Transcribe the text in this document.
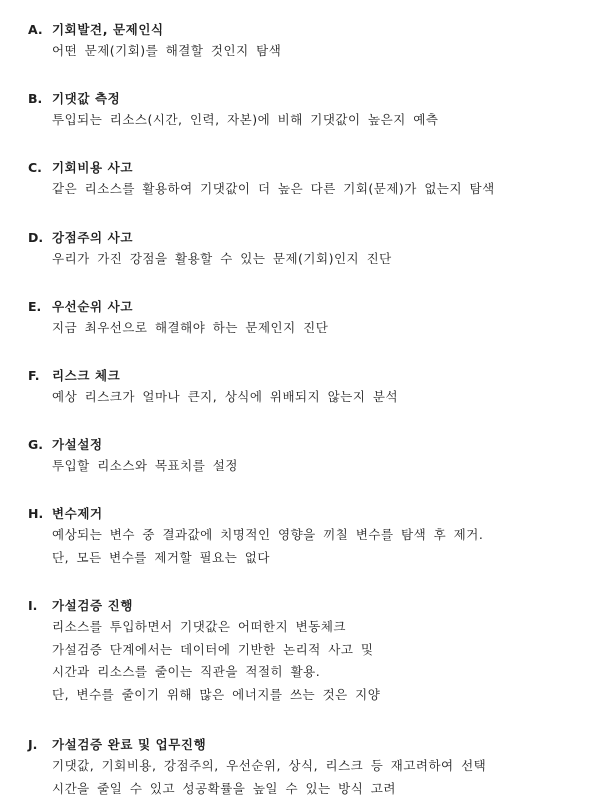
A. 기회발견, 문제인식
어떤 문제(기회)를 해결할 것인지 탐색
B. 기댓값 측정
투입되는 리소스(시간, 인력, 자본)에 비해 기댓값이 높은지 예측
C. 기회비용 사고
같은 리소스를 활용하여 기댓값이 더 높은 다른 기회(문제)가 없는지 탐색
D. 강점주의 사고
우리가 가진 강점을 활용할 수 있는 문제(기회)인지 진단
E. 우선순위 사고
지금 최우선으로 해결해야 하는 문제인지 진단
F.	리스크 체크
예상 리스크가 얼마나 큰지, 상식에 위배되지 않는지 분석
G. 가설설정
투입할 리소스와 목표치를 설정
H. 변수제거
예상되는 변수 중 결과값에 치명적인 영향을 끼칠 변수를 탐색 후 제거.
단, 모든 변수를 제거할 필요는 없다
I.	가설검증 진행
리소스를 투입하면서 기댓값은 어떠한지 변동체크
가설검증 단계에서는 데이터에 기반한 논리적 사고 및
시간과 리소스를 줄이는 직관을 적절히 활용.
단, 변수를 줄이기 위해 많은 에너지를 쓰는 것은 지양
J.	가설검증 완료 및 업무진행
기댓값, 기회비용, 강점주의, 우선순위, 상식, 리스크 등 재고려하여 선택
시간을 줄일 수 있고 성공확률을 높일 수 있는 방식 고려
